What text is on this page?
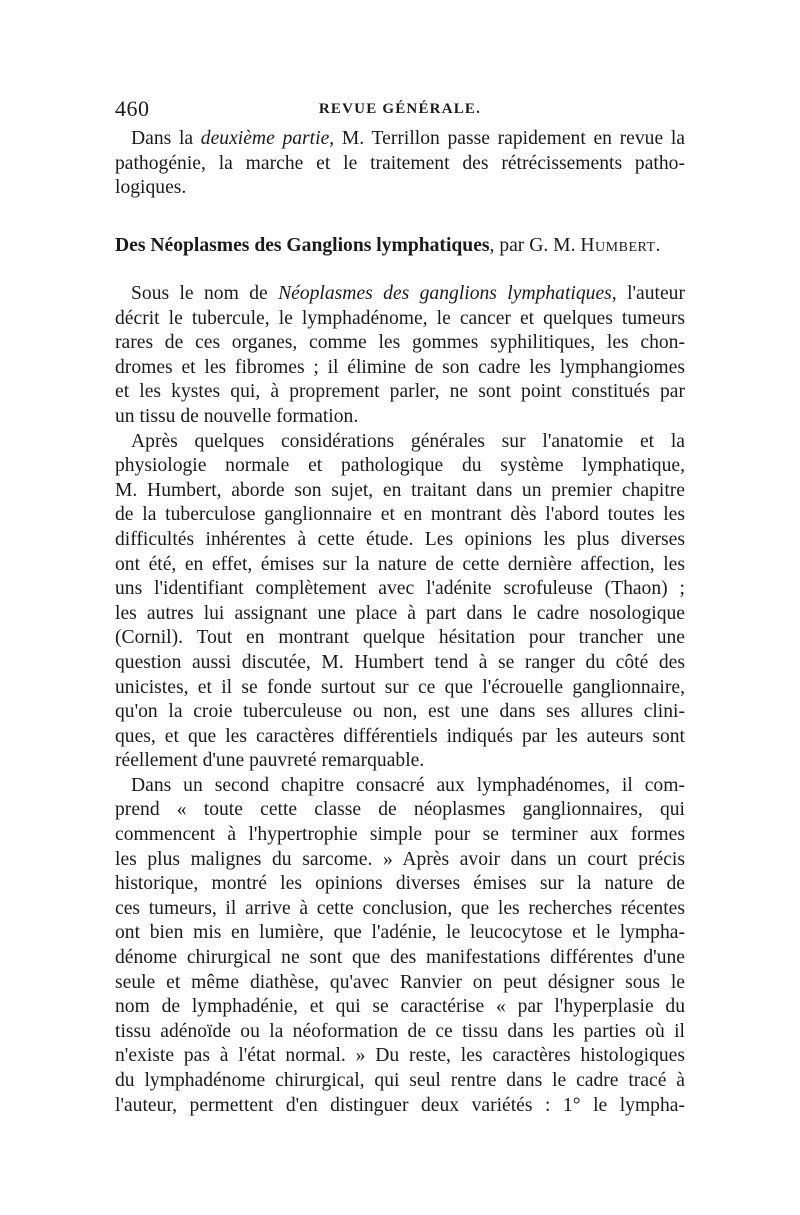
460	REVUE GÉNÉRALE.
Dans la deuxième partie, M. Terrillon passe rapidement en revue la
pathogénie, la marche et le traitement des rétrécissements patho-
logiques.
Des Néoplasmes des Ganglions lymphatiques, par G. M. Humbert.
Sous le nom de Néoplasmes des ganglions lymphatiques, l'auteur
décrit le tubercule, le lymphadénome, le cancer et quelques tumeurs
rares de ces organes, comme les gommes syphilitiques, les chon-
dromes et les fibromes ; il élimine de son cadre les lymphangiomes
et les kystes qui, à proprement parler, ne sont point constitués par
un tissu de nouvelle formation.
Après quelques considérations générales sur l'anatomie et la
physiologie normale et pathologique du système lymphatique,
M. Humbert, aborde son sujet, en traitant dans un premier chapitre
de la tuberculose ganglionnaire et en montrant dès l'abord toutes les
difficultés inhérentes à cette étude. Les opinions les plus diverses
ont été, en effet, émises sur la nature de cette dernière affection, les
uns l'identifiant complètement avec l'adénite scrofuleuse (Thaon) ;
les autres lui assignant une place à part dans le cadre nosologique
(Cornil). Tout en montrant quelque hésitation pour trancher une
question aussi discutée, M. Humbert tend à se ranger du côté des
unicistes, et il se fonde surtout sur ce que l'écrouelle ganglionnaire,
qu'on la croie tuberculeuse ou non, est une dans ses allures clini-
ques, et que les caractères différentiels indiqués par les auteurs sont
réellement d'une pauvreté remarquable.
Dans un second chapitre consacré aux lymphadénomes, il com-
prend « toute cette classe de néoplasmes ganglionnaires, qui
commencent à l'hypertrophie simple pour se terminer aux formes
les plus malignes du sarcome. » Après avoir dans un court précis
historique, montré les opinions diverses émises sur la nature de
ces tumeurs, il arrive à cette conclusion, que les recherches récentes
ont bien mis en lumière, que l'adénie, le leucocytose et le lympha-
dénome chirurgical ne sont que des manifestations différentes d'une
seule et même diathèse, qu'avec Ranvier on peut désigner sous le
nom de lymphadénie, et qui se caractérise « par l'hyperplasie du
tissu adénoïde ou la néoformation de ce tissu dans les parties où il
n'existe pas à l'état normal. » Du reste, les caractères histologiques
du lymphadénome chirurgical, qui seul rentre dans le cadre tracé à
l'auteur, permettent d'en distinguer deux variétés : 1° le lympha-
